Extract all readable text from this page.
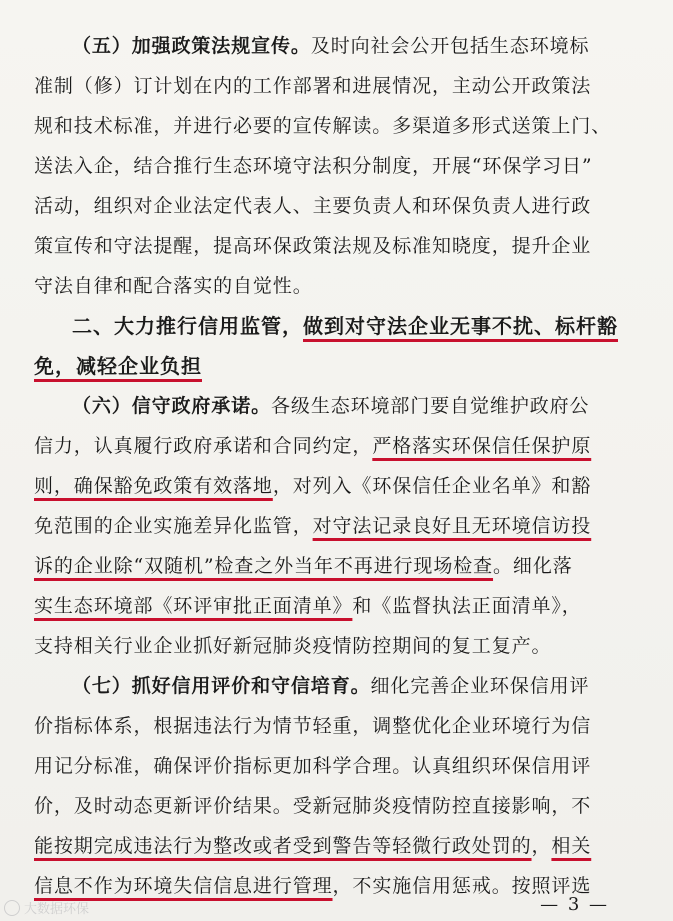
（五）加强政策法规宣传。及时向社会公开包括生态环境标
准制（修）订计划在内的工作部署和进展情况，主动公开政策法
规和技术标准，并进行必要的宣传解读。多渠道多形式送策上门、
送法入企，结合推行生态环境守法积分制度，开展“环保学习日”
活动，组织对企业法定代表人、主要负责人和环保负责人进行政
策宣传和守法提醒，提高环保政策法规及标准知晓度，提升企业
守法自律和配合落实的自觉性。
二、大力推行信用监管，做到对守法企业无事不扰、标杆豁
免，减轻企业负担
（六）信守政府承诺。各级生态环境部门要自觉维护政府公
信力，认真履行政府承诺和合同约定，严格落实环保信任保护原
则，确保豁免政策有效落地，对列入《环保信任企业名单》和豁
免范围的企业实施差异化监管，对守法记录良好且无环境信访投
诉的企业除“双随机”检查之外当年不再进行现场检查。细化落
实生态环境部《环评审批正面清单》和《监督执法正面清单》，
支持相关行业企业抓好新冠肺炎疫情防控期间的复工复产。
（七）抓好信用评价和守信培育。细化完善企业环保信用评
价指标体系，根据违法行为情节轻重，调整优化企业环境行为信
用记分标准，确保评价指标更加科学合理。认真组织环保信用评
价，及时动态更新评价结果。受新冠肺炎疫情防控直接影响，不
能按期完成违法行为整改或者受到警告等轻微行政处罚的，相关
信息不作为环境失信信息进行管理，不实施信用惩戒。按照评选
— 3 —
大数据环保
